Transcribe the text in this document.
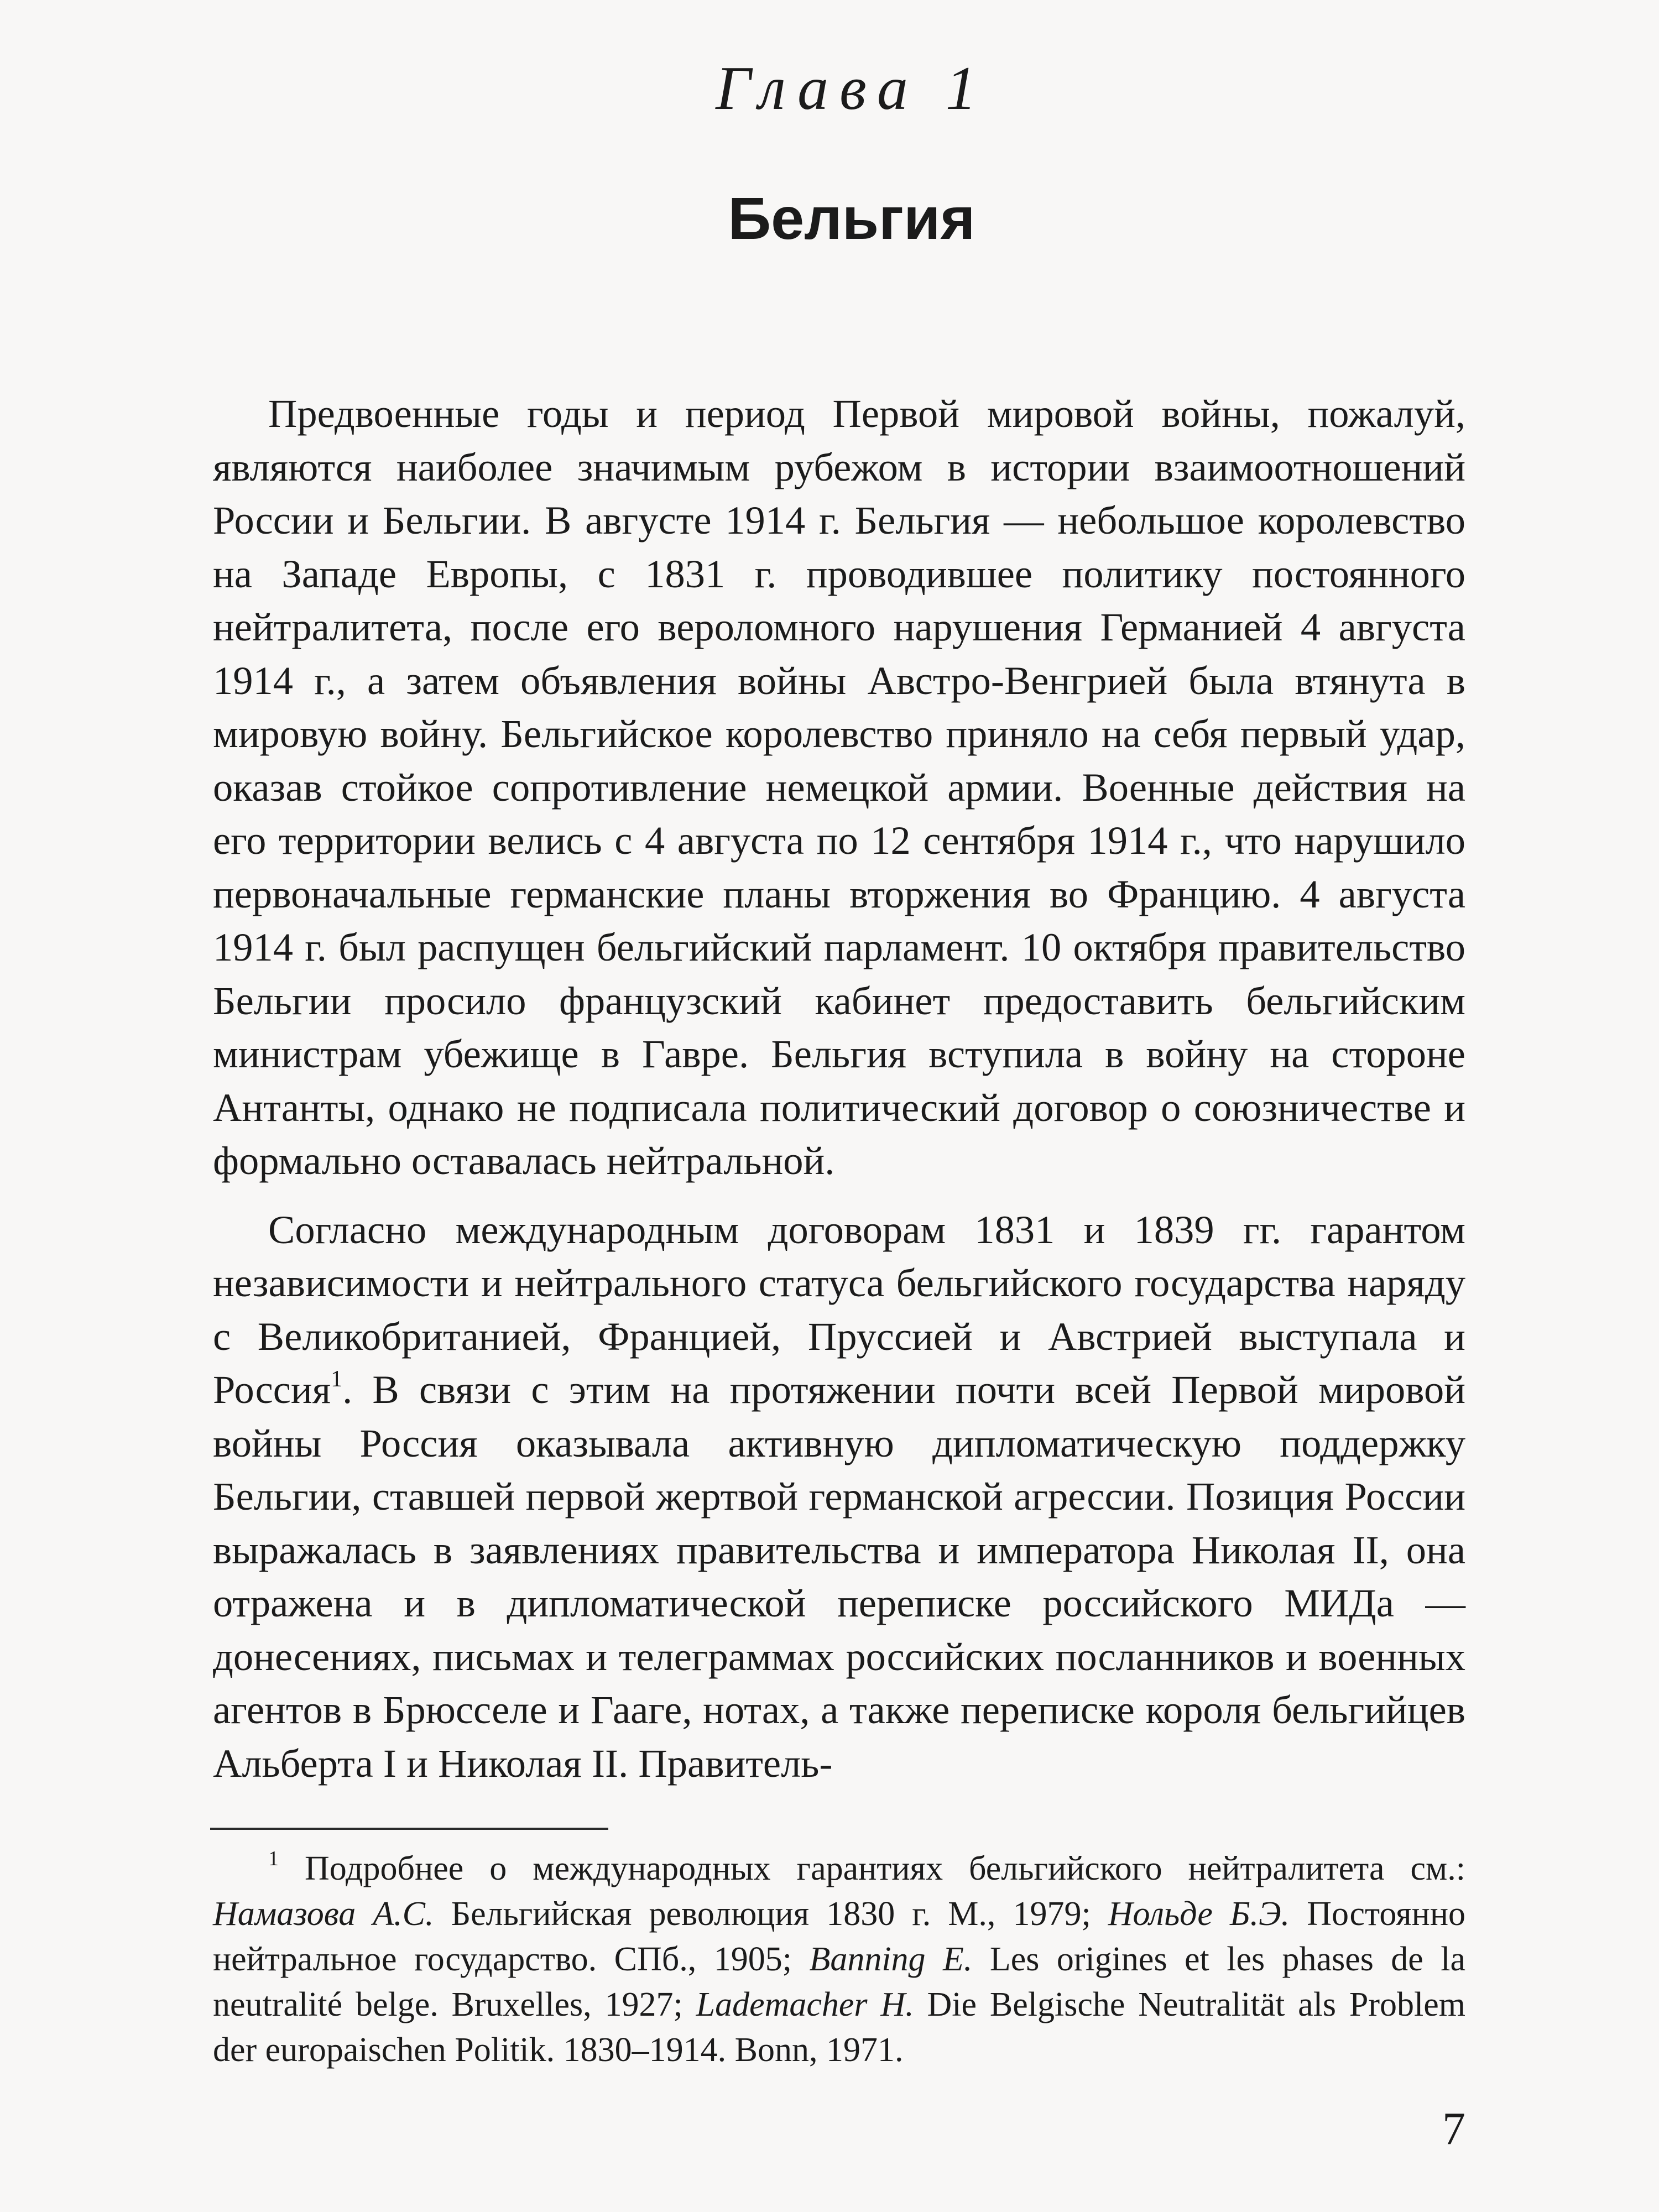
Глава 1
Бельгия

Предвоенные годы и период Первой мировой войны, пожалуй, являются наиболее значимым рубежом в истории взаимоотношений России и Бельгии. В августе 1914 г. Бельгия — небольшое королевство на Западе Европы, с 1831 г. проводившее политику постоянного нейтралитета, после его вероломного нарушения Германией 4 августа 1914 г., а затем объявления войны Австро-Венгрией была втянута в мировую войну. Бельгийское королевство приняло на себя первый удар, оказав стойкое сопротивление немецкой армии. Военные действия на его территории велись с 4 августа по 12 сентября 1914 г., что нарушило первоначальные германские планы вторжения во Францию. 4 августа 1914 г. был распущен бельгийский парламент. 10 октября правительство Бельгии просило французский кабинет предоставить бельгийским министрам убежище в Гавре. Бельгия вступила в войну на стороне Антанты, однако не подписала политический договор о союзничестве и формально оставалась нейтральной.

Согласно международным договорам 1831 и 1839 гг. гарантом независимости и нейтрального статуса бельгийского государства наряду с Великобританией, Францией, Пруссией и Австрией выступала и Россия$^1$. В связи с этим на протяжении почти всей Первой мировой войны Россия оказывала активную дипломатическую поддержку Бельгии, ставшей первой жертвой германской агрессии. Позиция России выражалась в заявлениях правительства и императора Николая II, она отражена и в дипломатической переписке российского МИДа — донесениях, письмах и телеграммах российских посланников и военных агентов в Брюсселе и Гааге, нотах, а также переписке короля бельгийцев Альберта I и Николая II. Правитель-

$^1$ Подробнее о международных гарантиях бельгийского нейтралитета см.: Намазова А.С. Бельгийская революция 1830 г. М., 1979; Нольде Б.Э. Постоянно нейтральное государство. СПб., 1905; Banning E. Les origines et les phases de la neutralité belge. Bruxelles, 1927; Lademacher H. Die Belgische Neutralität als Problem der europaischen Politik. 1830–1914. Bonn, 1971.

7
